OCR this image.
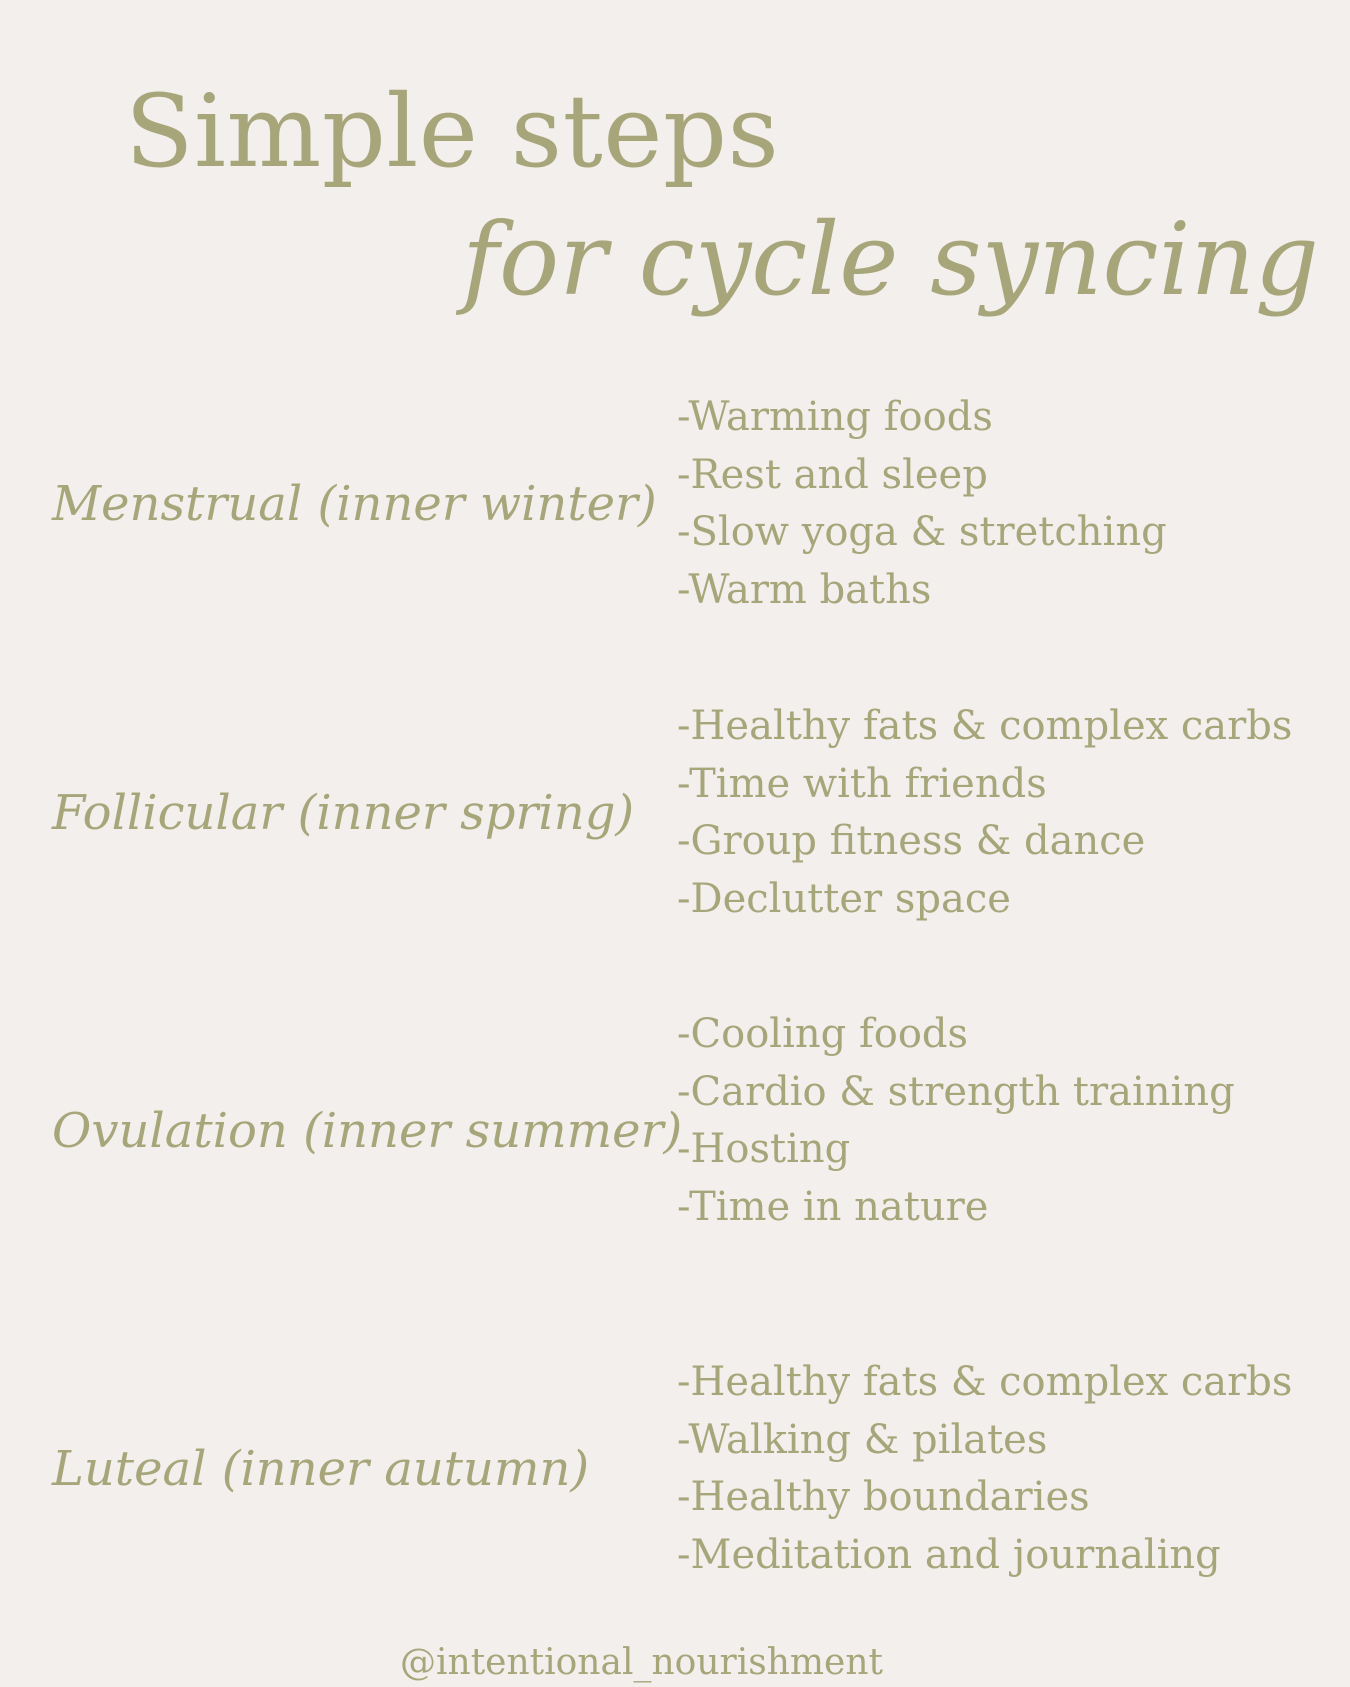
Simple steps
for cycle syncing
Menstrual (inner winter)
-Warming foods
-Rest and sleep
-Slow yoga & stretching
-Warm baths
Follicular (inner spring)
-Healthy fats & complex carbs
-Time with friends
-Group fitness & dance
-Declutter space
Ovulation (inner summer)
-Cooling foods
-Cardio & strength training
-Hosting
-Time in nature
Luteal (inner autumn)
-Healthy fats & complex carbs
-Walking & pilates
-Healthy boundaries
-Meditation and journaling
@intentional_nourishment
